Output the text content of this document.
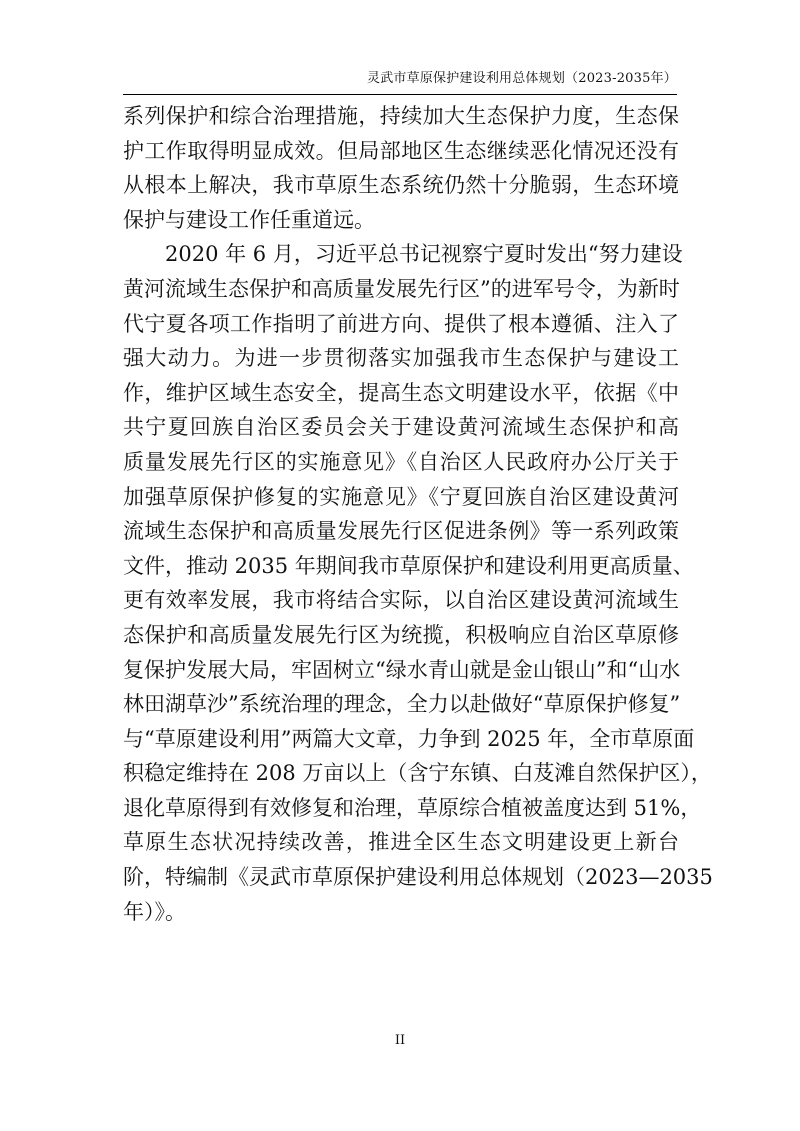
灵武市草原保护建设利用总体规划（2023-2035年）
系列保护和综合治理措施，持续加大生态保护力度，生态保
护工作取得明显成效。但局部地区生态继续恶化情况还没有
从根本上解决，我市草原生态系统仍然十分脆弱，生态环境
保护与建设工作任重道远。
2020 年 6 月，习近平总书记视察宁夏时发出“努力建设
黄河流域生态保护和高质量发展先行区”的进军号令，为新时
代宁夏各项工作指明了前进方向、提供了根本遵循、注入了
强大动力。为进一步贯彻落实加强我市生态保护与建设工
作，维护区域生态安全，提高生态文明建设水平，依据《中
共宁夏回族自治区委员会关于建设黄河流域生态保护和高
质量发展先行区的实施意见》《自治区人民政府办公厅关于
加强草原保护修复的实施意见》《宁夏回族自治区建设黄河
流域生态保护和高质量发展先行区促进条例》等一系列政策
文件，推动 2035 年期间我市草原保护和建设利用更高质量、
更有效率发展，我市将结合实际，以自治区建设黄河流域生
态保护和高质量发展先行区为统揽，积极响应自治区草原修
复保护发展大局，牢固树立“绿水青山就是金山银山”和“山水
林田湖草沙”系统治理的理念，全力以赴做好“草原保护修复”
与“草原建设利用”两篇大文章，力争到 2025 年，全市草原面
积稳定维持在 208 万亩以上（含宁东镇、白芨滩自然保护区），
退化草原得到有效修复和治理，草原综合植被盖度达到 51%，
草原生态状况持续改善，推进全区生态文明建设更上新台
阶，特编制《灵武市草原保护建设利用总体规划（2023—2035
年）》。
II
